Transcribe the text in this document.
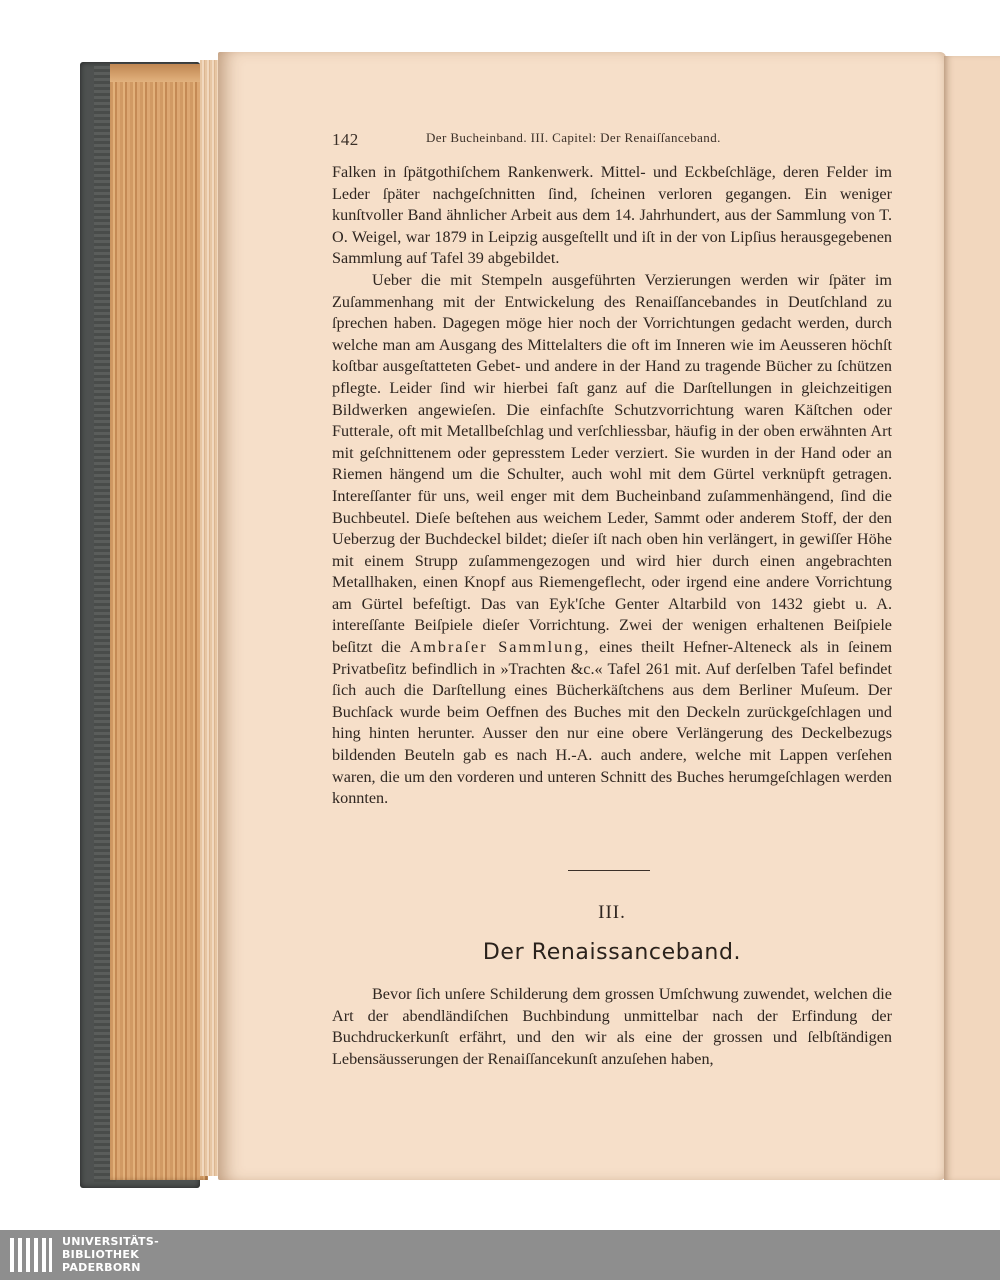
142	Der Bucheinband. III. Capitel: Der Renaiſſanceband.

Falken in ſpätgothiſchem Rankenwerk. Mittel- und Eckbeſchläge, deren Felder im Leder ſpäter nachgeſchnitten ſind, ſcheinen verloren gegangen. Ein weniger kunſtvoller Band ähnlicher Arbeit aus dem 14. Jahrhundert, aus der Sammlung von T. O. Weigel, war 1879 in Leipzig ausgeſtellt und iſt in der von Lipſius herausgegebenen Sammlung auf Tafel 39 abgebildet.

Ueber die mit Stempeln ausgeführten Verzierungen werden wir ſpäter im Zuſammenhang mit der Entwickelung des Renaiſſancebandes in Deutſchland zu ſprechen haben. Dagegen möge hier noch der Vorrichtungen gedacht werden, durch welche man am Ausgang des Mittelalters die oft im Inneren wie im Aeusseren höchſt koſtbar ausgeſtatteten Gebet- und andere in der Hand zu tragende Bücher zu ſchützen pflegte. Leider ſind wir hierbei faſt ganz auf die Darſtellungen in gleichzeitigen Bildwerken angewieſen. Die einfachſte Schutzvorrichtung waren Käſtchen oder Futterale, oft mit Metallbeſchlag und verſchliessbar, häufig in der oben erwähnten Art mit geſchnittenem oder gepresstem Leder verziert. Sie wurden in der Hand oder an Riemen hängend um die Schulter, auch wohl mit dem Gürtel verknüpft getragen. Intereſſanter für uns, weil enger mit dem Bucheinband zuſammenhängend, ſind die Buchbeutel. Dieſe beſtehen aus weichem Leder, Sammt oder anderem Stoff, der den Ueberzug der Buchdeckel bildet; dieſer iſt nach oben hin verlängert, in gewiſſer Höhe mit einem Strupp zuſammengezogen und wird hier durch einen angebrachten Metallhaken, einen Knopf aus Riemengeflecht, oder irgend eine andere Vorrichtung am Gürtel befeſtigt. Das van Eyk'ſche Genter Altarbild von 1432 giebt u. A. intereſſante Beiſpiele dieſer Vorrichtung. Zwei der wenigen erhaltenen Beiſpiele beſitzt die Ambraſer Sammlung, eines theilt Hefner-Alteneck als in ſeinem Privatbeſitz befindlich in »Trachten &c.« Tafel 261 mit. Auf derſelben Tafel befindet ſich auch die Darſtellung eines Bücherkäſtchens aus dem Berliner Muſeum. Der Buchſack wurde beim Oeffnen des Buches mit den Deckeln zurückgeſchlagen und hing hinten herunter. Ausser den nur eine obere Verlängerung des Deckelbezugs bildenden Beuteln gab es nach H.-A. auch andere, welche mit Lappen verſehen waren, die um den vorderen und unteren Schnitt des Buches herumgeſchlagen werden konnten.

III.
Der Renaissanceband.

Bevor ſich unſere Schilderung dem grossen Umſchwung zuwendet, welchen die Art der abendländiſchen Buchbindung unmittelbar nach der Erfindung der Buchdruckerkunſt erfährt, und den wir als eine der grossen und ſelbſtändigen Lebensäusserungen der Renaiſſancekunſt anzuſehen haben,

UNIVERSITÄTS-
BIBLIOTHEK
PADERBORN
